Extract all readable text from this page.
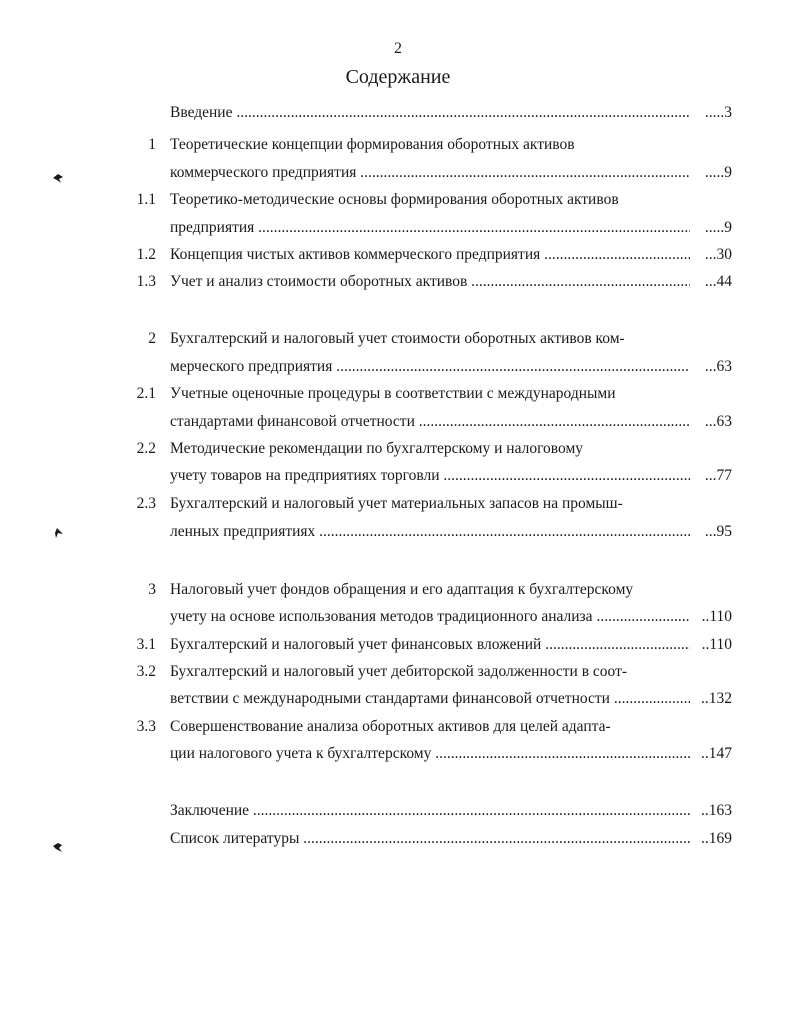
2
Содержание
Введение .....	.....3
1 Теоретические концепции формирования оборотных активов
коммерческого предприятия .....	.....9
1.1 Теоретико-методические основы формирования оборотных активов
предприятия .....	.....9
1.2 Концепция чистых активов коммерческого предприятия .....	...30
1.3 Учет и анализ стоимости оборотных активов .....	...44
2 Бухгалтерский и налоговый учет стоимости оборотных активов ком-
мерческого предприятия .....	...63
2.1 Учетные оценочные процедуры в соответствии с международными
стандартами финансовой отчетности .....	...63
2.2 Методические рекомендации по бухгалтерскому и налоговому
учету товаров на предприятиях торговли .....	...77
2.3 Бухгалтерский и налоговый учет материальных запасов на промыш-
ленных предприятиях .....	...95
3 Налоговый учет фондов обращения и его адаптация к бухгалтерскому
учету на основе использования методов традиционного анализа .....	..110
3.1 Бухгалтерский и налоговый учет финансовых вложений .....	..110
3.2 Бухгалтерский и налоговый учет дебиторской задолженности в соот-
ветствии с международными стандартами финансовой отчетности .....	..132
3.3 Совершенствование анализа оборотных активов для целей адапта-
ции налогового учета к бухгалтерскому .....	..147
Заключение .....	..163
Список литературы .....	..169
